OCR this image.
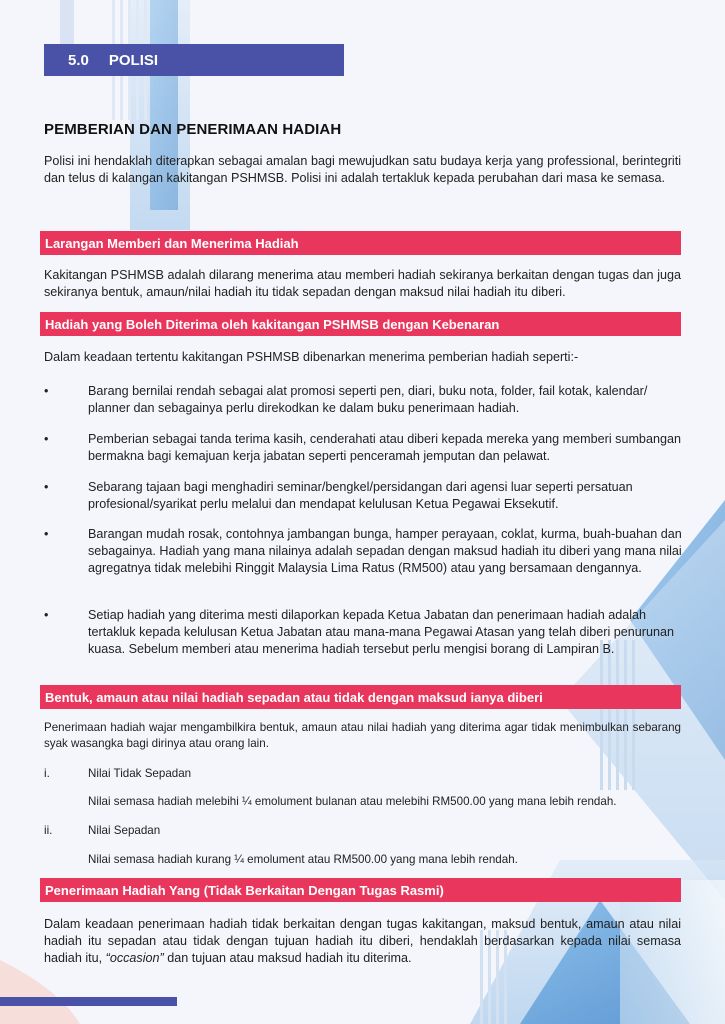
5.0 POLISI
PEMBERIAN DAN PENERIMAAN HADIAH
Polisi ini hendaklah diterapkan sebagai amalan bagi mewujudkan satu budaya kerja yang professional, berintegriti dan telus di kalangan kakitangan PSHMSB. Polisi ini adalah tertakluk kepada perubahan dari masa ke semasa.
Larangan Memberi dan Menerima Hadiah
Kakitangan PSHMSB adalah dilarang menerima atau memberi hadiah sekiranya berkaitan dengan tugas dan juga sekiranya bentuk, amaun/nilai hadiah itu tidak sepadan dengan maksud nilai hadiah itu diberi.
Hadiah yang Boleh Diterima oleh kakitangan PSHMSB dengan Kebenaran
Dalam keadaan tertentu kakitangan PSHMSB dibenarkan menerima pemberian hadiah seperti:-
•	Barang bernilai rendah sebagai alat promosi seperti pen, diari, buku nota, folder, fail kotak, kalendar/ planner dan sebagainya perlu direkodkan ke dalam buku penerimaan hadiah.
•	Pemberian sebagai tanda terima kasih, cenderahati atau diberi kepada mereka yang memberi sumbangan bermakna bagi kemajuan kerja jabatan seperti penceramah jemputan dan pelawat.
•	Sebarang tajaan bagi menghadiri seminar/bengkel/persidangan dari agensi luar seperti persatuan profesional/syarikat perlu melalui dan mendapat kelulusan Ketua Pegawai Eksekutif.
•	Barangan mudah rosak, contohnya jambangan bunga, hamper perayaan, coklat, kurma, buah-buahan dan sebagainya. Hadiah yang mana nilainya adalah sepadan dengan maksud hadiah itu diberi yang mana nilai agregatnya tidak melebihi Ringgit Malaysia Lima Ratus (RM500) atau yang bersamaan dengannya.
•	Setiap hadiah yang diterima mesti dilaporkan kepada Ketua Jabatan dan penerimaan hadiah adalah tertakluk kepada kelulusan Ketua Jabatan atau mana-mana Pegawai Atasan yang telah diberi penurunan kuasa. Sebelum memberi atau menerima hadiah tersebut perlu mengisi borang di Lampiran B.
Bentuk, amaun atau nilai hadiah sepadan atau tidak dengan maksud ianya diberi
Penerimaan hadiah wajar mengambilkira bentuk, amaun atau nilai hadiah yang diterima agar tidak menimbulkan sebarang syak wasangka bagi dirinya atau orang lain.
i.	Nilai Tidak Sepadan
Nilai semasa hadiah melebihi ¼ emolument bulanan atau melebihi RM500.00 yang mana lebih rendah.
ii.	Nilai Sepadan
Nilai semasa hadiah kurang ¼ emolument atau RM500.00 yang mana lebih rendah.
Penerimaan Hadiah Yang (Tidak Berkaitan Dengan Tugas Rasmi)
Dalam keadaan penerimaan hadiah tidak berkaitan dengan tugas kakitangan, maksud bentuk, amaun atau nilai hadiah itu sepadan atau tidak dengan tujuan hadiah itu diberi, hendaklah berdasarkan kepada nilai semasa hadiah itu, “occasion” dan tujuan atau maksud hadiah itu diterima.
